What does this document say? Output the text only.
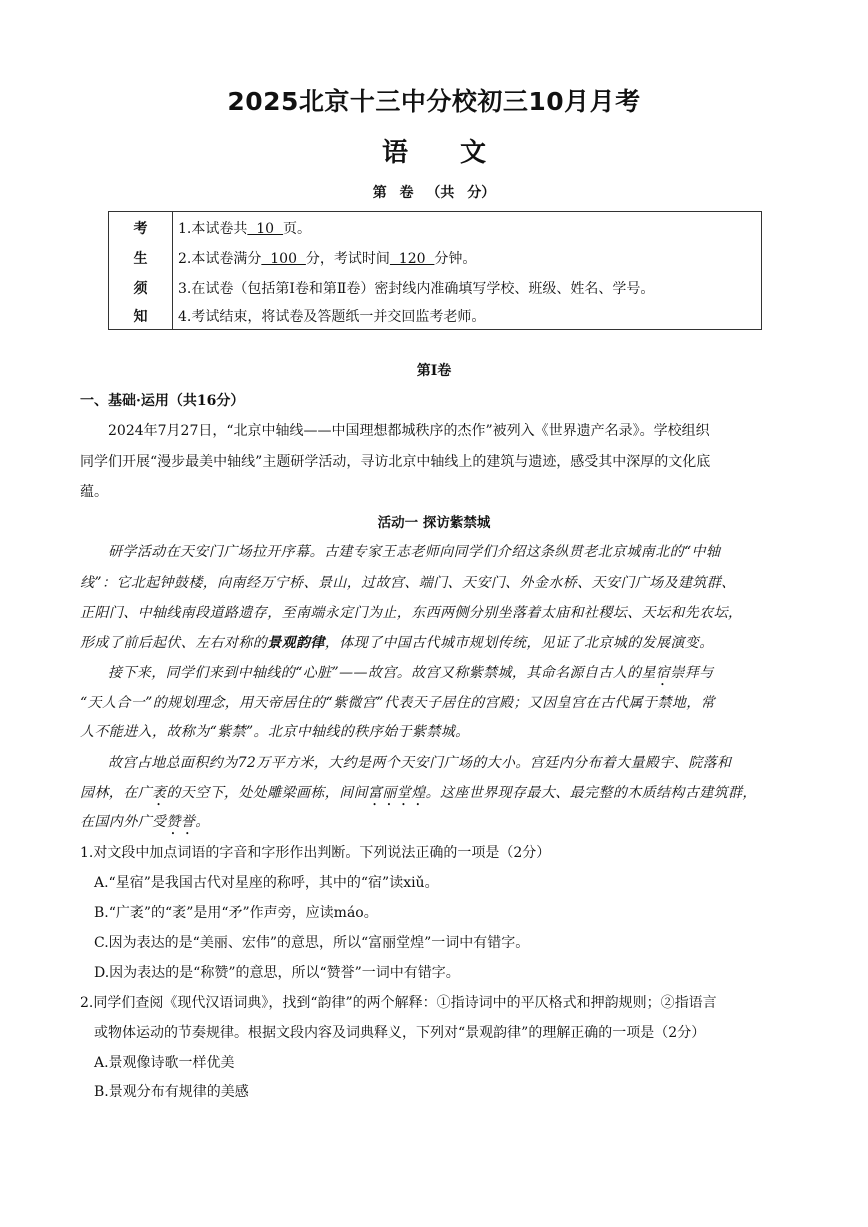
2025北京十三中分校初三10月月考
语文
第 卷 （共 分）
考
生
须
知
1.本试卷共  10  页。
2.本试卷满分  100  分，考试时间  120  分钟。
3.在试卷（包括第Ⅰ卷和第Ⅱ卷）密封线内准确填写学校、班级、姓名、学号。
4.考试结束，将试卷及答题纸一并交回监考老师。
第Ⅰ卷
一、基础·运用（共16分）
2024年7月27日，“北京中轴线——中国理想都城秩序的杰作”被列入《世界遗产名录》。学校组织
同学们开展“漫步最美中轴线”主题研学活动，寻访北京中轴线上的建筑与遗迹，感受其中深厚的文化底
蕴。
活动一 探访紫禁城
研学活动在天安门广场拉开序幕。古建专家王志老师向同学们介绍这条纵贯老北京城南北的“中轴
线”：它北起钟鼓楼，向南经万宁桥、景山，过故宫、端门、天安门、外金水桥、天安门广场及建筑群、
正阳门、中轴线南段道路遗存，至南端永定门为止，东西两侧分别坐落着太庙和社稷坛、天坛和先农坛，
形成了前后起伏、左右对称的景观韵律，体现了中国古代城市规划传统，见证了北京城的发展演变。
接下来，同学们来到中轴线的“心脏”——故宫。故宫又称紫禁城，其命名源自古人的星宿崇拜与
“天人合一”的规划理念，用天帝居住的“紫微宫”代表天子居住的宫殿；又因皇宫在古代属于禁地，常
人不能进入，故称为“紫禁”。北京中轴线的秩序始于紫禁城。
故宫占地总面积约为72万平方米，大约是两个天安门广场的大小。宫廷内分布着大量殿宇、院落和
园林，在广袤的天空下，处处雕梁画栋，间间富丽堂煌。这座世界现存最大、最完整的木质结构古建筑群，
在国内外广受赞誉。
1.对文段中加点词语的字音和字形作出判断。下列说法正确的一项是（2分）
A.“星宿”是我国古代对星座的称呼，其中的“宿”读xiǔ。
B.“广袤”的“袤”是用“矛”作声旁，应读máo。
C.因为表达的是“美丽、宏伟”的意思，所以“富丽堂煌”一词中有错字。
D.因为表达的是“称赞”的意思，所以“赞誉”一词中有错字。
2.同学们查阅《现代汉语词典》，找到“韵律”的两个解释：①指诗词中的平仄格式和押韵规则；②指语言
或物体运动的节奏规律。根据文段内容及词典释义，下列对“景观韵律”的理解正确的一项是（2分）
A.景观像诗歌一样优美
B.景观分布有规律的美感
